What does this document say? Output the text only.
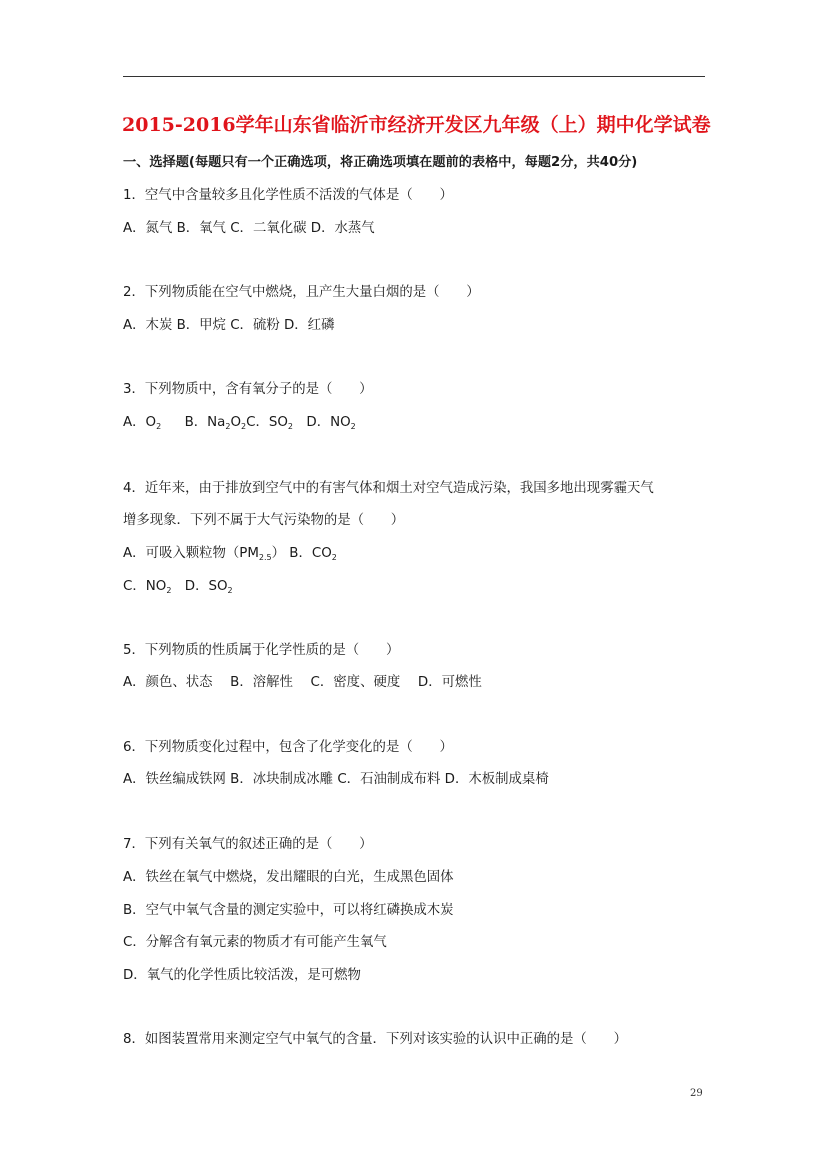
2015-2016学年山东省临沂市经济开发区九年级（上）期中化学试卷
一、选择题(每题只有一个正确选项，将正确选项填在题前的表格中，每题2分，共40分)
1．空气中含量较多且化学性质不活泼的气体是（　　）
A．氮气 B．氧气 C．二氧化碳 D．水蒸气
2．下列物质能在空气中燃烧，且产生大量白烟的是（　　）
A．木炭 B．甲烷 C．硫粉 D．红磷
3．下列物质中，含有氧分子的是（　　）
A．$O_2$　B．$Na_2O_2C$．$SO_2$　D．$NO_2$
4．近年来，由于排放到空气中的有害气体和烟土对空气造成污染，我国多地出现雾霾天气
增多现象．下列不属于大气污染物的是（　　）
A．可吸入颗粒物$(PM_{2.5})$ B．$CO_2$
C．$NO_2$　D．$SO_2$
5．下列物质的性质属于化学性质的是（　　）
A．颜色、状态　 B．溶解性　 C．密度、硬度　 D．可燃性
6．下列物质变化过程中，包含了化学变化的是（　　）
A．铁丝编成铁网 B．冰块制成冰雕 C．石油制成布料 D．木板制成桌椅
7．下列有关氧气的叙述正确的是（　　）
A．铁丝在氧气中燃烧，发出耀眼的白光，生成黑色固体
B．空气中氧气含量的测定实验中，可以将红磷换成木炭
C．分解含有氧元素的物质才有可能产生氧气
D．氧气的化学性质比较活泼，是可燃物
8．如图装置常用来测定空气中氧气的含量．下列对该实验的认识中正确的是（　　）
29
